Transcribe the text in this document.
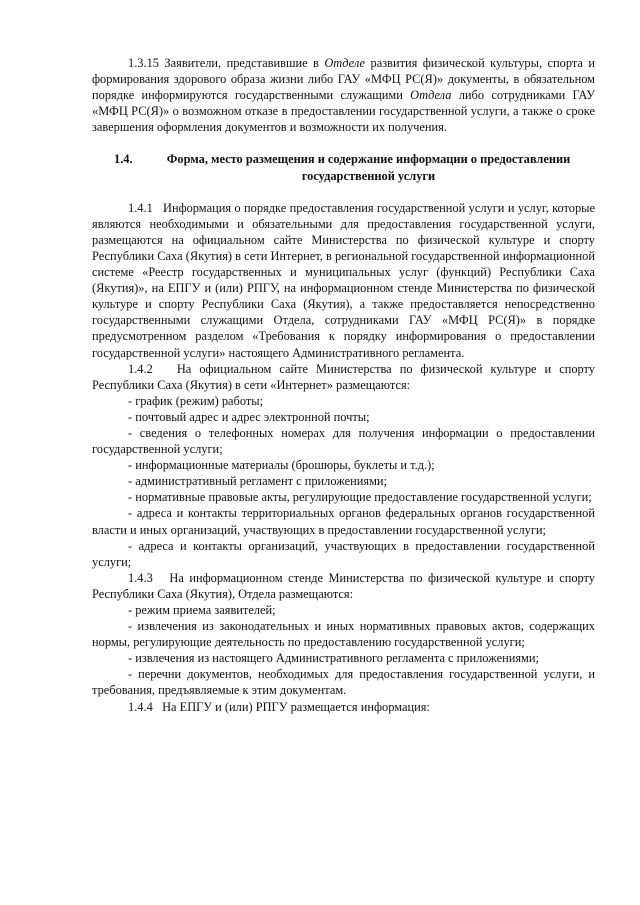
1.3.15 Заявители, представившие в Отделе развития физической культуры, спорта и формирования здорового образа жизни либо ГАУ «МФЦ РС(Я)» документы, в обязательном порядке информируются государственными служащими Отдела либо сотрудниками ГАУ «МФЦ РС(Я)» о возможном отказе в предоставлении государственной услуги, а также о сроке завершения оформления документов и возможности их получения.

1.4.	Форма, место размещения и содержание информации о предоставлении государственной услуги

1.4.1 Информация о порядке предоставления государственной услуги и услуг, которые являются необходимыми и обязательными для предоставления государственной услуги, размещаются на официальном сайте Министерства по физической культуре и спорту Республики Саха (Якутия) в сети Интернет, в региональной государственной информационной системе «Реестр государственных и муниципальных услуг (функций) Республики Саха (Якутия)», на ЕПГУ и (или) РПГУ, на информационном стенде Министерства по физической культуре и спорту Республики Саха (Якутия), а также предоставляется непосредственно государственными служащими Отдела, сотрудниками ГАУ «МФЦ РС(Я)» в порядке предусмотренном разделом «Требования к порядку информирования о предоставлении государственной услуги» настоящего Административного регламента.

1.4.2 На официальном сайте Министерства по физической культуре и спорту Республики Саха (Якутия) в сети «Интернет» размещаются:

- график (режим) работы;

- почтовый адрес и адрес электронной почты;

- сведения о телефонных номерах для получения информации о предоставлении государственной услуги;

- информационные материалы (брошюры, буклеты и т.д.);

- административный регламент с приложениями;

- нормативные правовые акты, регулирующие предоставление государственной услуги;

- адреса и контакты территориальных органов федеральных органов государственной власти и иных организаций, участвующих в предоставлении государственной услуги;

- адреса и контакты организаций, участвующих в предоставлении государственной услуги;

1.4.3 На информационном стенде Министерства по физической культуре и спорту Республики Саха (Якутия), Отдела размещаются:

- режим приема заявителей;

- извлечения из законодательных и иных нормативных правовых актов, содержащих нормы, регулирующие деятельность по предоставлению государственной услуги;

- извлечения из настоящего Административного регламента с приложениями;

- перечни документов, необходимых для предоставления государственной услуги, и требования, предъявляемые к этим документам.

1.4.4 На ЕПГУ и (или) РПГУ размещается информация:
